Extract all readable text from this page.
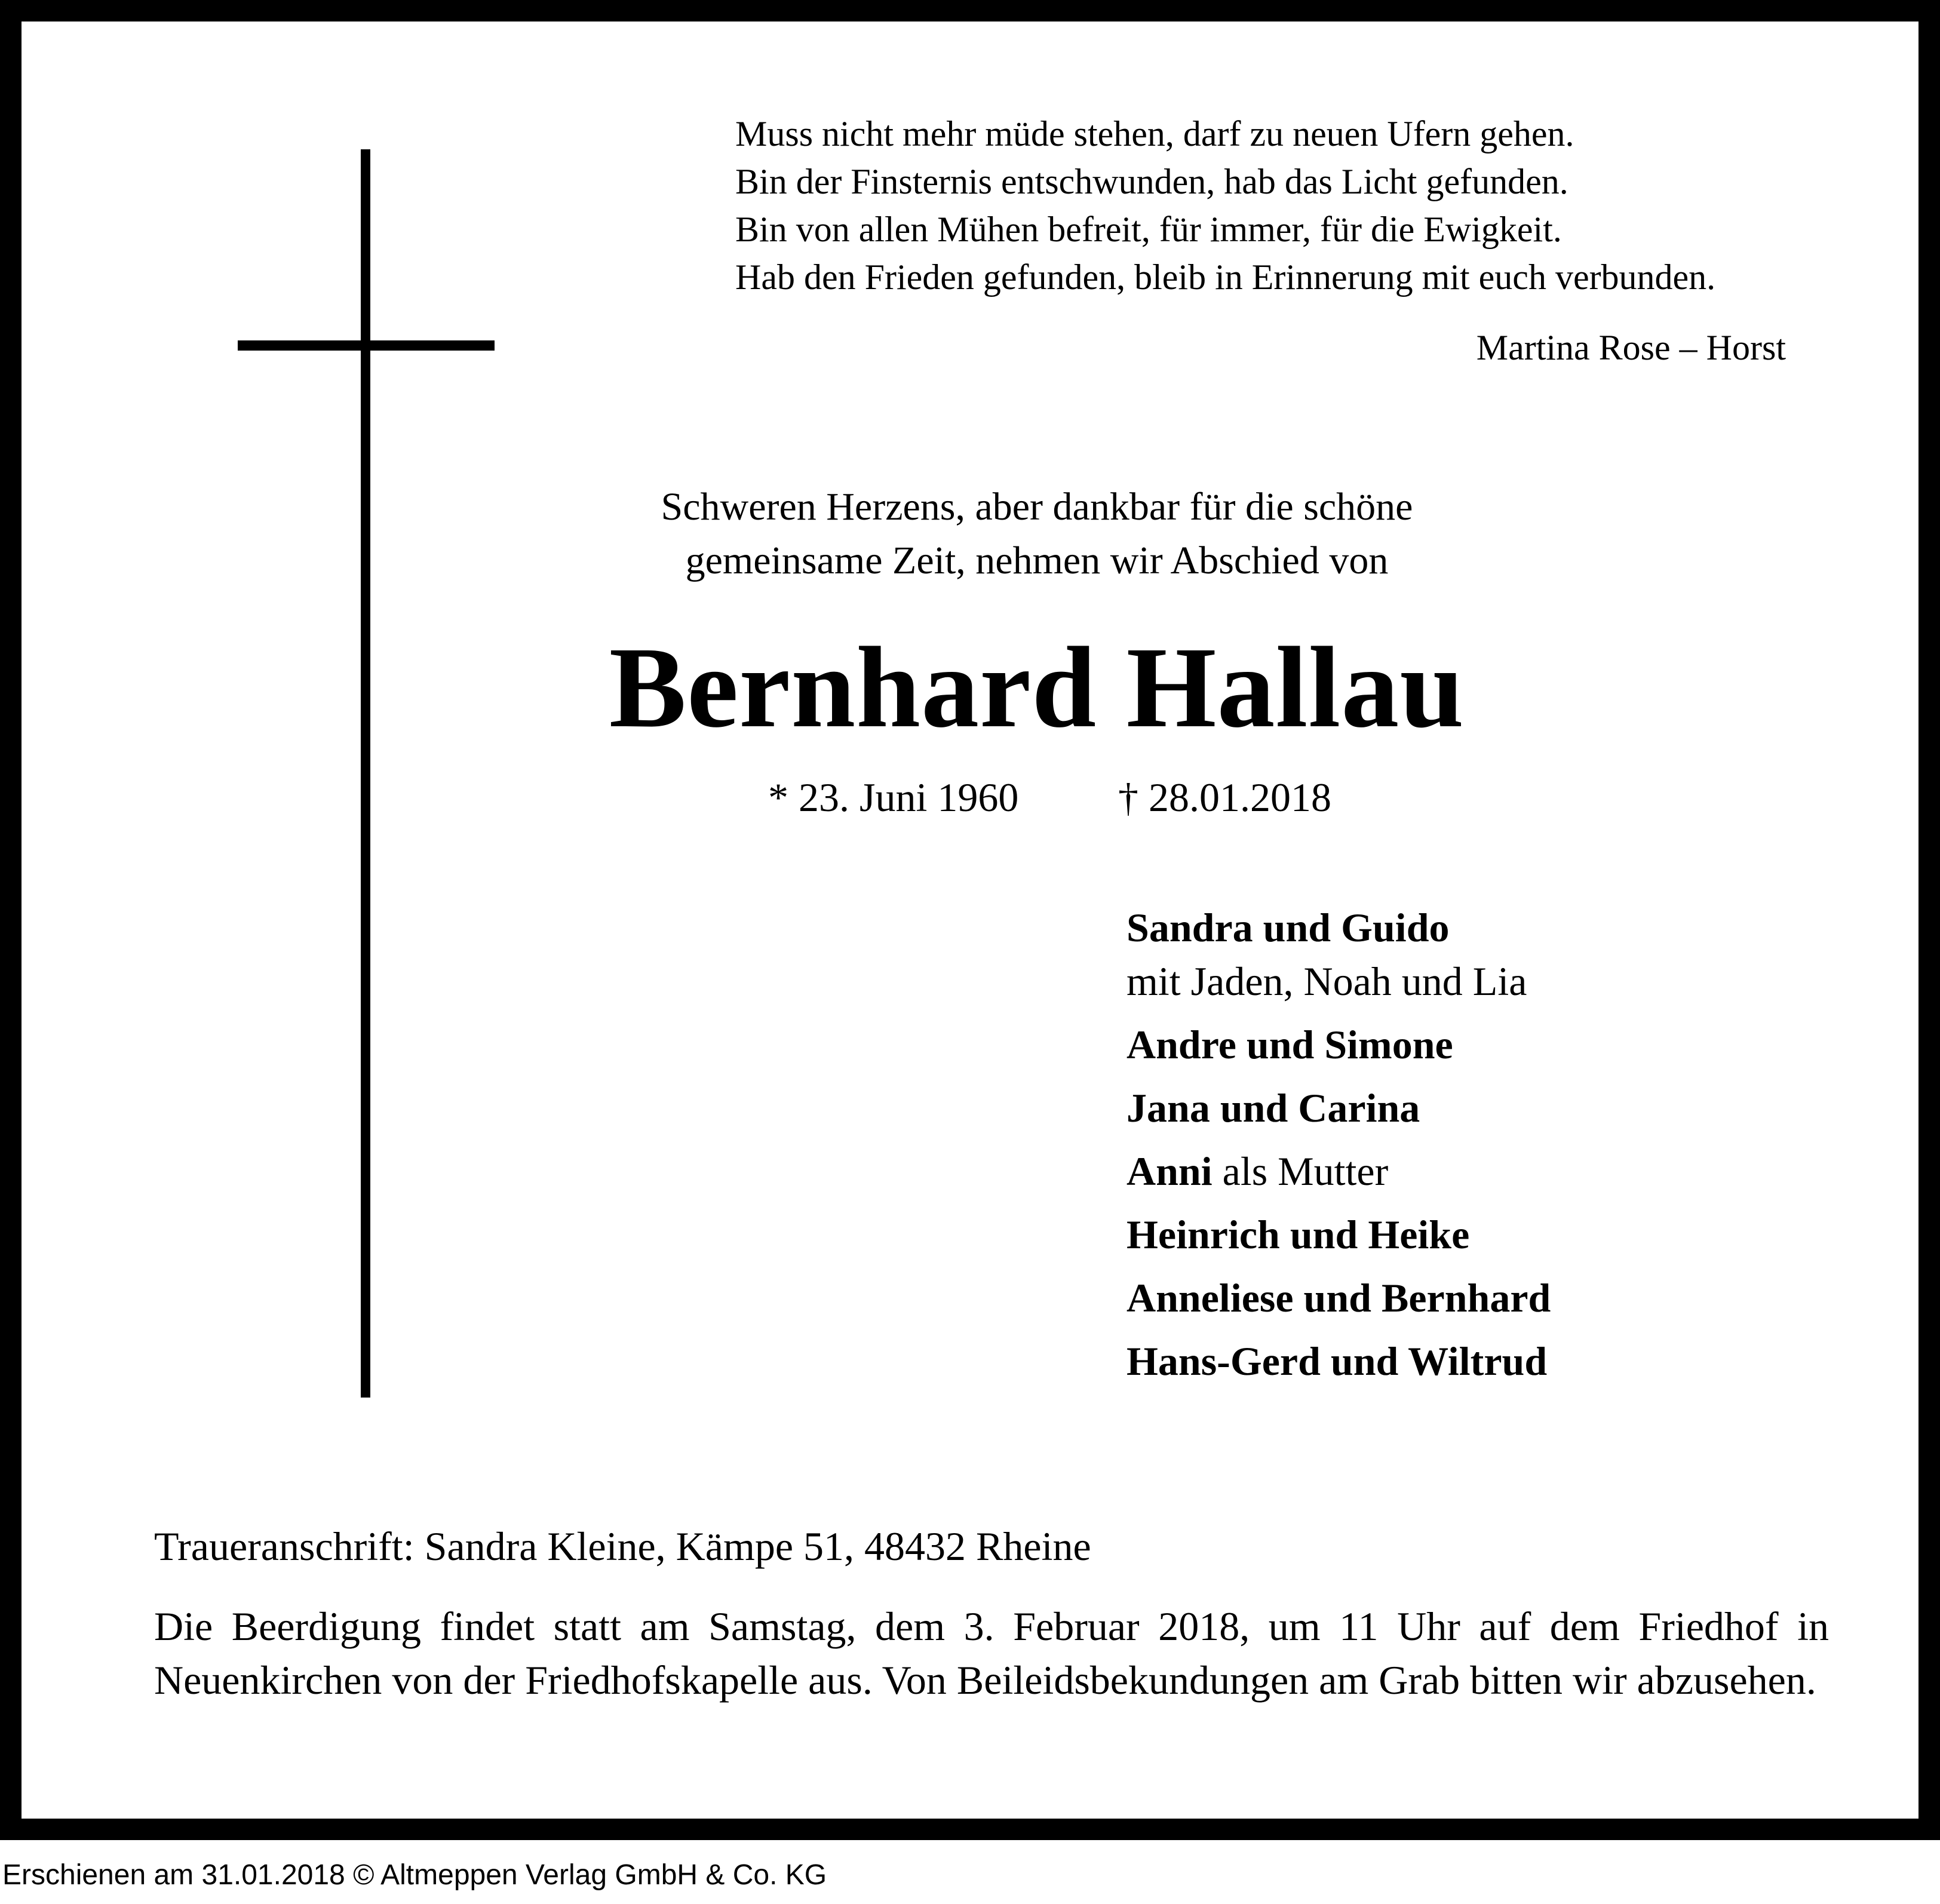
Muss nicht mehr müde stehen, darf zu neuen Ufern gehen.
Bin der Finsternis entschwunden, hab das Licht gefunden.
Bin von allen Mühen befreit, für immer, für die Ewigkeit.
Hab den Frieden gefunden, bleib in Erinnerung mit euch verbunden.
Martina Rose – Horst
Schweren Herzens, aber dankbar für die schöne
gemeinsame Zeit, nehmen wir Abschied von
Bernhard Hallau
* 23. Juni 1960 † 28.01.2018
Sandra und Guido
mit Jaden, Noah und Lia
Andre und Simone
Jana und Carina
Anni als Mutter
Heinrich und Heike
Anneliese und Bernhard
Hans-Gerd und Wiltrud
Traueranschrift: Sandra Kleine, Kämpe 51, 48432 Rheine
Die Beerdigung findet statt am Samstag, dem 3. Februar 2018, um 11 Uhr auf dem Friedhof in Neuenkirchen von der Friedhofskapelle aus. Von Beileidsbekundungen am Grab bitten wir abzusehen.
Erschienen am 31.01.2018 © Altmeppen Verlag GmbH & Co. KG
